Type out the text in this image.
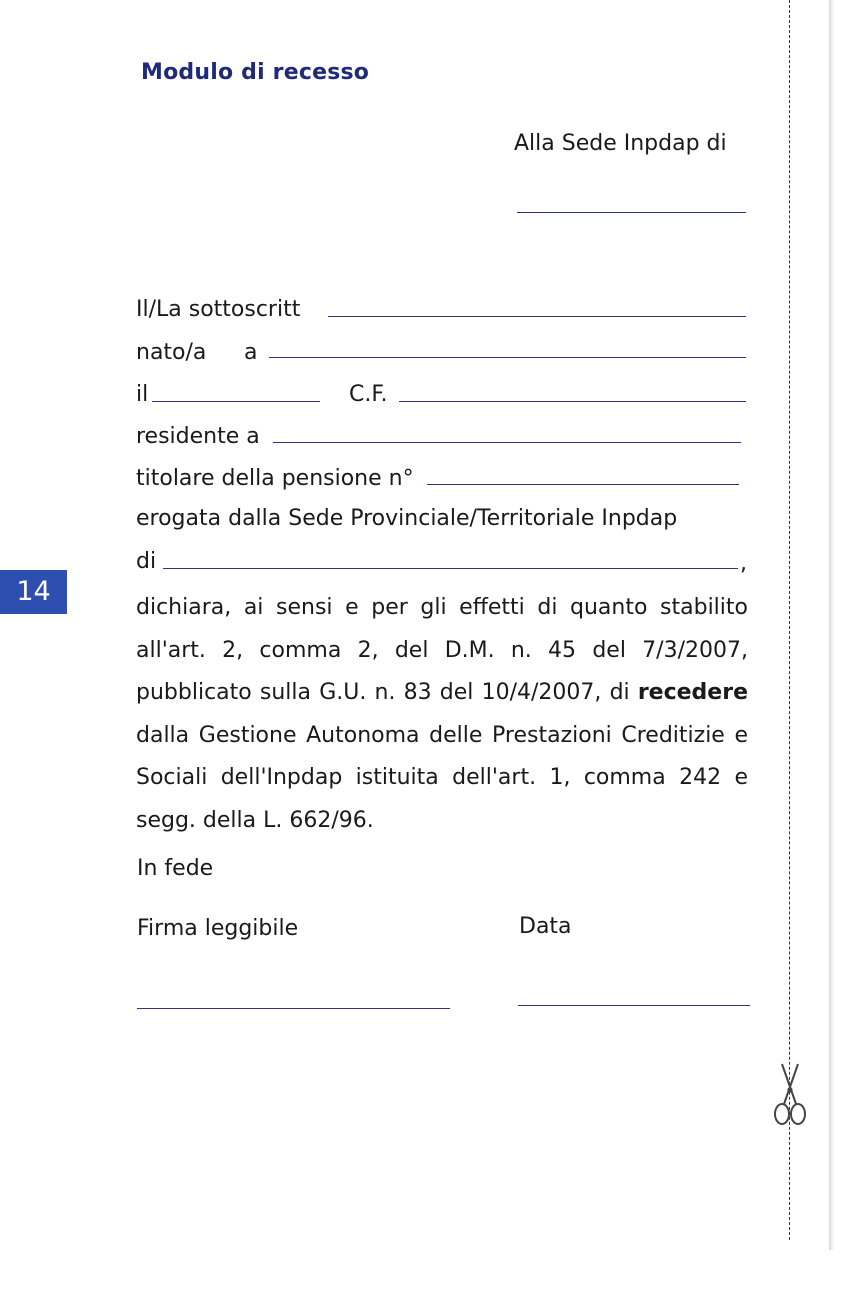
Modulo di recesso
Alla Sede Inpdap di
Il/La sottoscritt
nato/a a
il	C.F.
residente a
titolare della pensione n°
erogata dalla Sede Provinciale/Territoriale Inpdap
di	,
14
dichiara, ai sensi e per gli effetti di quanto stabilito all'art. 2, comma 2, del D.M. n. 45 del 7/3/2007, pubblicato sulla G.U. n. 83 del 10/4/2007, di recedere dalla Gestione Autonoma delle Prestazioni Creditizie e Sociali dell'Inpdap istituita dell'art. 1, comma 242 e segg. della L. 662/96.
In fede
Firma leggibile	Data
